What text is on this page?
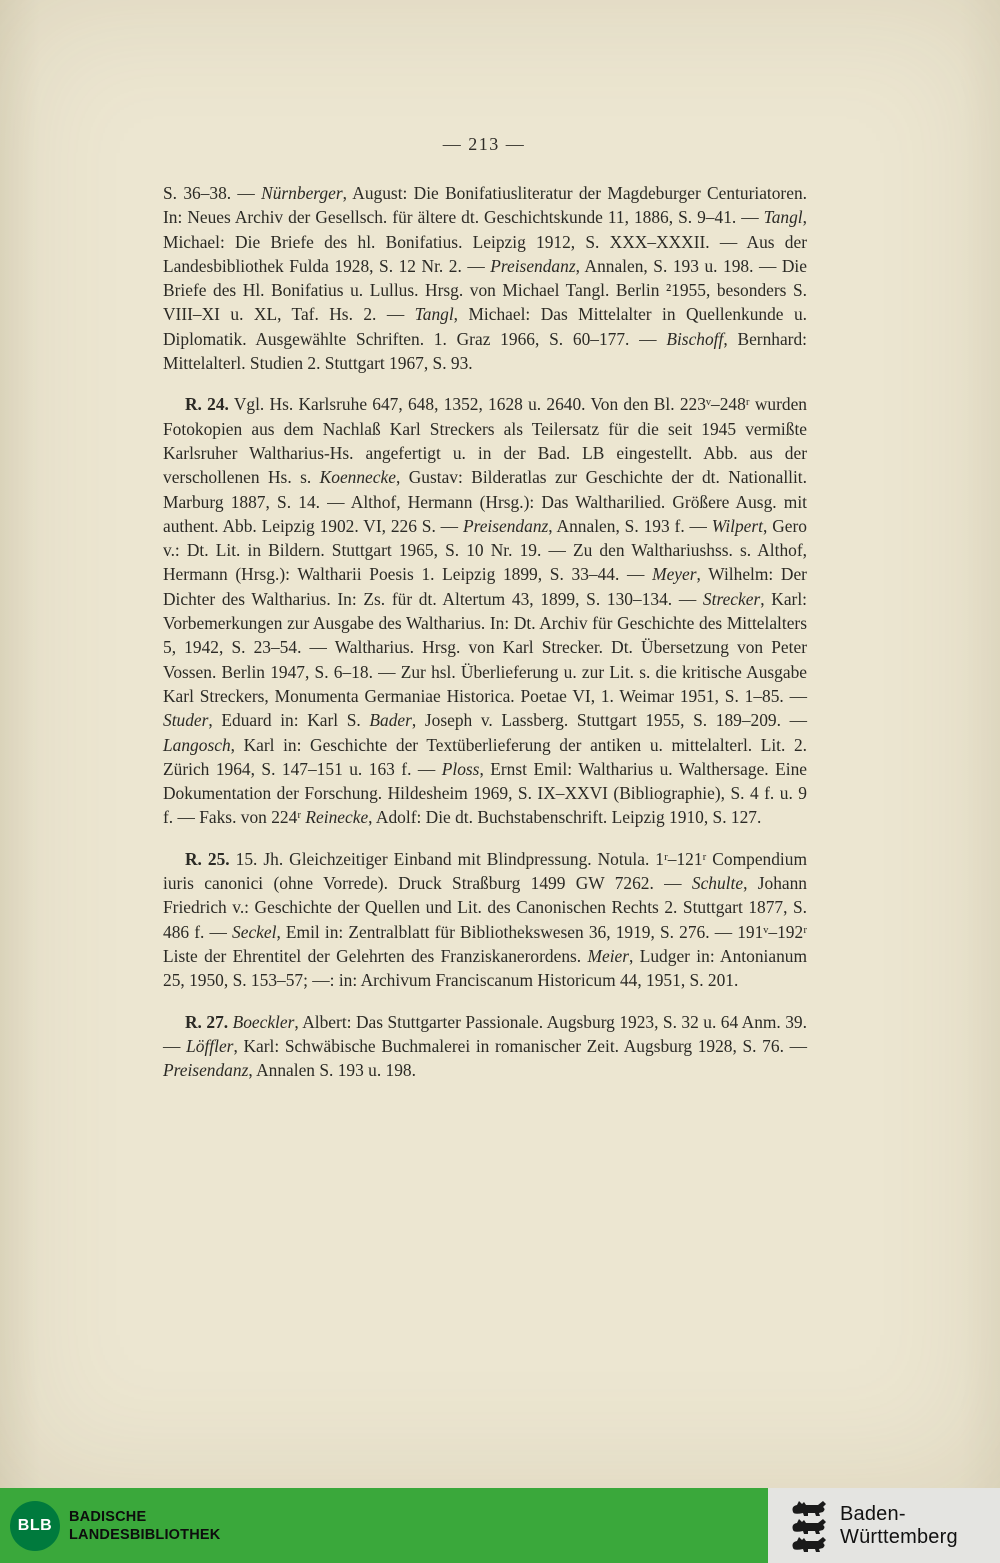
— 213 —

S. 36–38. — Nürnberger, August: Die Bonifatiusliteratur der Magdeburger Centuriatoren. In: Neues Archiv der Gesellsch. für ältere dt. Geschichtskunde 11, 1886, S. 9–41. — Tangl, Michael: Die Briefe des hl. Bonifatius. Leipzig 1912, S. XXX–XXXII. — Aus der Landesbibliothek Fulda 1928, S. 12 Nr. 2. — Preisendanz, Annalen, S. 193 u. 198. — Die Briefe des Hl. Bonifatius u. Lullus. Hrsg. von Michael Tangl. Berlin ²1955, besonders S. VIII–XI u. XL, Taf. Hs. 2. — Tangl, Michael: Das Mittelalter in Quellenkunde u. Diplomatik. Ausgewählte Schriften. 1. Graz 1966, S. 60–177. — Bischoff, Bernhard: Mittelalterl. Studien 2. Stuttgart 1967, S. 93.

R. 24. Vgl. Hs. Karlsruhe 647, 648, 1352, 1628 u. 2640. Von den Bl. 223ᵛ–248ʳ wurden Fotokopien aus dem Nachlaß Karl Streckers als Teilersatz für die seit 1945 vermißte Karlsruher Waltharius-Hs. angefertigt u. in der Bad. LB eingestellt. Abb. aus der verschollenen Hs. s. Koennecke, Gustav: Bilderatlas zur Geschichte der dt. Nationallit. Marburg 1887, S. 14. — Althof, Hermann (Hrsg.): Das Waltharilied. Größere Ausg. mit authent. Abb. Leipzig 1902. VI, 226 S. — Preisendanz, Annalen, S. 193 f. — Wilpert, Gero v.: Dt. Lit. in Bildern. Stuttgart 1965, S. 10 Nr. 19. — Zu den Walthariushss. s. Althof, Hermann (Hrsg.): Waltharii Poesis 1. Leipzig 1899, S. 33–44. — Meyer, Wilhelm: Der Dichter des Waltharius. In: Zs. für dt. Altertum 43, 1899, S. 130–134. — Strecker, Karl: Vorbemerkungen zur Ausgabe des Waltharius. In: Dt. Archiv für Geschichte des Mittelalters 5, 1942, S. 23–54. — Waltharius. Hrsg. von Karl Strecker. Dt. Übersetzung von Peter Vossen. Berlin 1947, S. 6–18. — Zur hsl. Überlieferung u. zur Lit. s. die kritische Ausgabe Karl Streckers, Monumenta Germaniae Historica. Poetae VI, 1. Weimar 1951, S. 1–85. — Studer, Eduard in: Karl S. Bader, Joseph v. Lassberg. Stuttgart 1955, S. 189–209. — Langosch, Karl in: Geschichte der Textüberlieferung der antiken u. mittelalterl. Lit. 2. Zürich 1964, S. 147–151 u. 163 f. — Ploss, Ernst Emil: Waltharius u. Walthersage. Eine Dokumentation der Forschung. Hildesheim 1969, S. IX–XXVI (Bibliographie), S. 4 f. u. 9 f. — Faks. von 224ʳ Reinecke, Adolf: Die dt. Buchstabenschrift. Leipzig 1910, S. 127.

R. 25. 15. Jh. Gleichzeitiger Einband mit Blindpressung. Notula. 1ʳ–121ʳ Compendium iuris canonici (ohne Vorrede). Druck Straßburg 1499 GW 7262. — Schulte, Johann Friedrich v.: Geschichte der Quellen und Lit. des Canonischen Rechts 2. Stuttgart 1877, S. 486 f. — Seckel, Emil in: Zentralblatt für Bibliothekswesen 36, 1919, S. 276. — 191ᵛ–192ʳ Liste der Ehrentitel der Gelehrten des Franziskanerordens. Meier, Ludger in: Antonianum 25, 1950, S. 153–57; —: in: Archivum Franciscanum Historicum 44, 1951, S. 201.

R. 27. Boeckler, Albert: Das Stuttgarter Passionale. Augsburg 1923, S. 32 u. 64 Anm. 39. — Löffler, Karl: Schwäbische Buchmalerei in romanischer Zeit. Augsburg 1928, S. 76. — Preisendanz, Annalen S. 193 u. 198.

BLB	BADISCHE
LANDESBIBLIOTHEK
Baden-Württemberg
